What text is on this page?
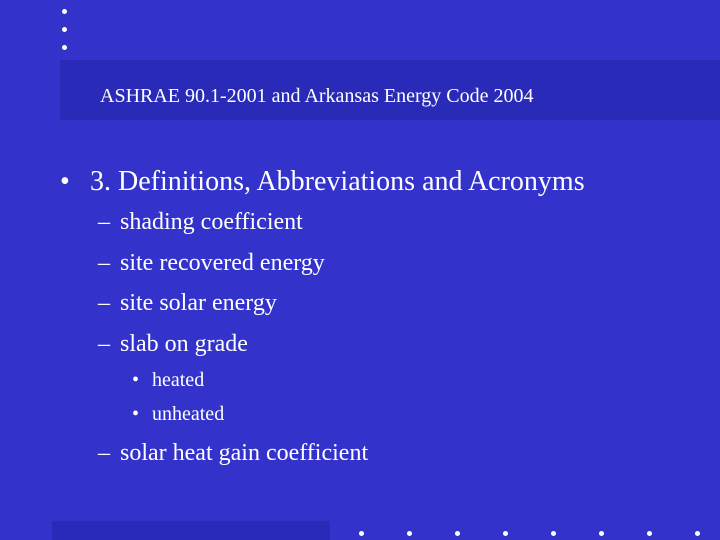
ASHRAE 90.1-2001 and Arkansas Energy Code 2004
• 3. Definitions, Abbreviations and Acronyms
– shading coefficient
– site recovered energy
– site solar energy
– slab on grade
• heated
• unheated
– solar heat gain coefficient
